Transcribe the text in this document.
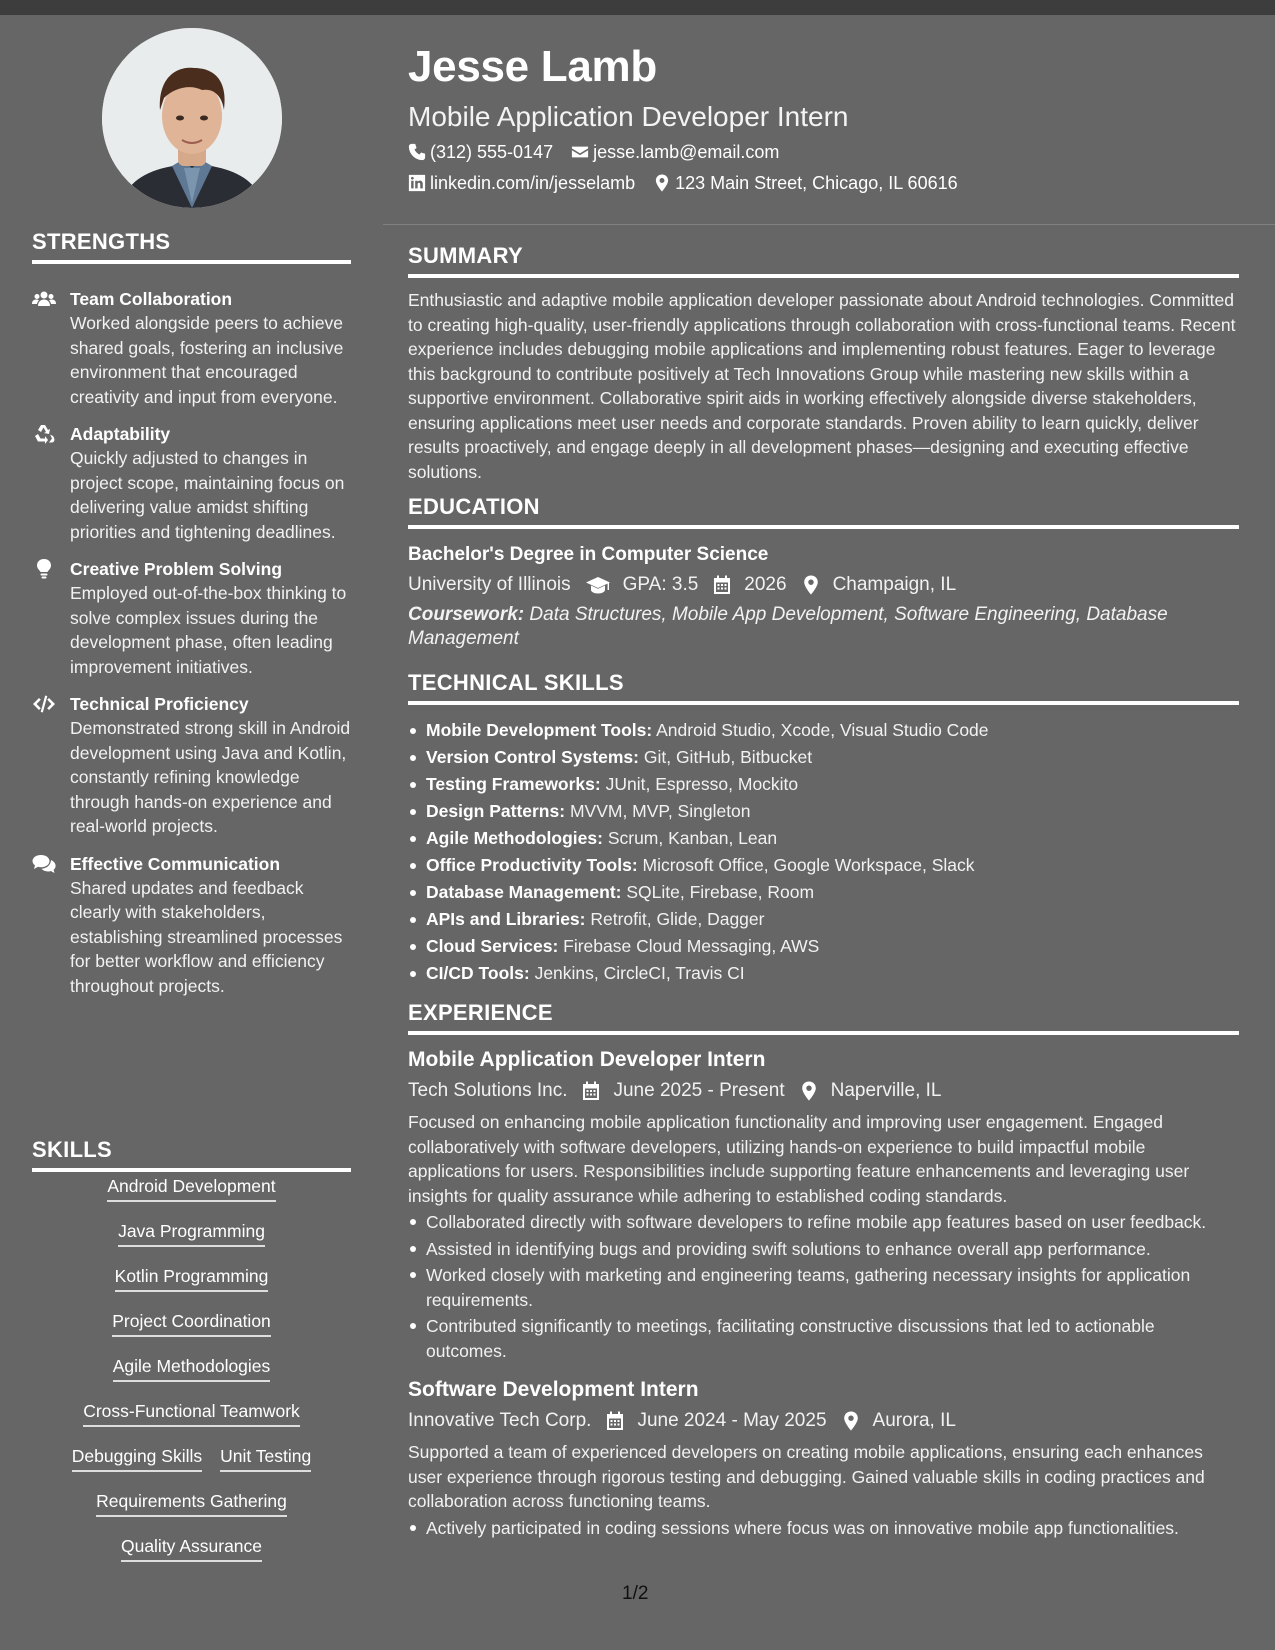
STRENGTHS
Team Collaboration
Worked alongside peers to achieve shared goals, fostering an inclusive environment that encouraged creativity and input from everyone.
Adaptability
Quickly adjusted to changes in project scope, maintaining focus on delivering value amidst shifting priorities and tightening deadlines.
Creative Problem Solving
Employed out-of-the-box thinking to solve complex issues during the development phase, often leading improvement initiatives.
Technical Proficiency
Demonstrated strong skill in Android development using Java and Kotlin, constantly refining knowledge through hands-on experience and real-world projects.
Effective Communication
Shared updates and feedback clearly with stakeholders, establishing streamlined processes for better workflow and efficiency throughout projects.
SKILLS
Android Development
Java Programming
Kotlin Programming
Project Coordination
Agile Methodologies
Cross-Functional Teamwork
Debugging Skills Unit Testing
Requirements Gathering
Quality Assurance
Jesse Lamb
Mobile Application Developer Intern
(312) 555-0147 jesse.lamb@email.com
linkedin.com/in/jesselamb 123 Main Street, Chicago, IL 60616
SUMMARY
Enthusiastic and adaptive mobile application developer passionate about Android technologies. Committed to creating high-quality, user-friendly applications through collaboration with cross-functional teams. Recent experience includes debugging mobile applications and implementing robust features. Eager to leverage this background to contribute positively at Tech Innovations Group while mastering new skills within a supportive environment. Collaborative spirit aids in working effectively alongside diverse stakeholders, ensuring applications meet user needs and corporate standards. Proven ability to learn quickly, deliver results proactively, and engage deeply in all development phases—designing and executing effective solutions.
EDUCATION
Bachelor's Degree in Computer Science
University of Illinois	GPA: 3.5 2026 Champaign, IL
Coursework: Data Structures, Mobile App Development, Software Engineering, Database Management
TECHNICAL SKILLS
Mobile Development Tools: Android Studio, Xcode, Visual Studio Code
Version Control Systems: Git, GitHub, Bitbucket
Testing Frameworks: JUnit, Espresso, Mockito
Design Patterns: MVVM, MVP, Singleton
Agile Methodologies: Scrum, Kanban, Lean
Office Productivity Tools: Microsoft Office, Google Workspace, Slack
Database Management: SQLite, Firebase, Room
APIs and Libraries: Retrofit, Glide, Dagger
Cloud Services: Firebase Cloud Messaging, AWS
CI/CD Tools: Jenkins, CircleCI, Travis CI
EXPERIENCE
Mobile Application Developer Intern
Tech Solutions Inc. June 2025 - Present Naperville, IL
Focused on enhancing mobile application functionality and improving user engagement. Engaged collaboratively with software developers, utilizing hands-on experience to build impactful mobile applications for users. Responsibilities include supporting feature enhancements and leveraging user insights for quality assurance while adhering to established coding standards.
Collaborated directly with software developers to refine mobile app features based on user feedback.
Assisted in identifying bugs and providing swift solutions to enhance overall app performance.
Worked closely with marketing and engineering teams, gathering necessary insights for application requirements.
Contributed significantly to meetings, facilitating constructive discussions that led to actionable outcomes.
Software Development Intern
Innovative Tech Corp. June 2024 - May 2025 Aurora, IL
Supported a team of experienced developers on creating mobile applications, ensuring each enhances user experience through rigorous testing and debugging. Gained valuable skills in coding practices and collaboration across functioning teams.
Actively participated in coding sessions where focus was on innovative mobile app functionalities.
1/2
